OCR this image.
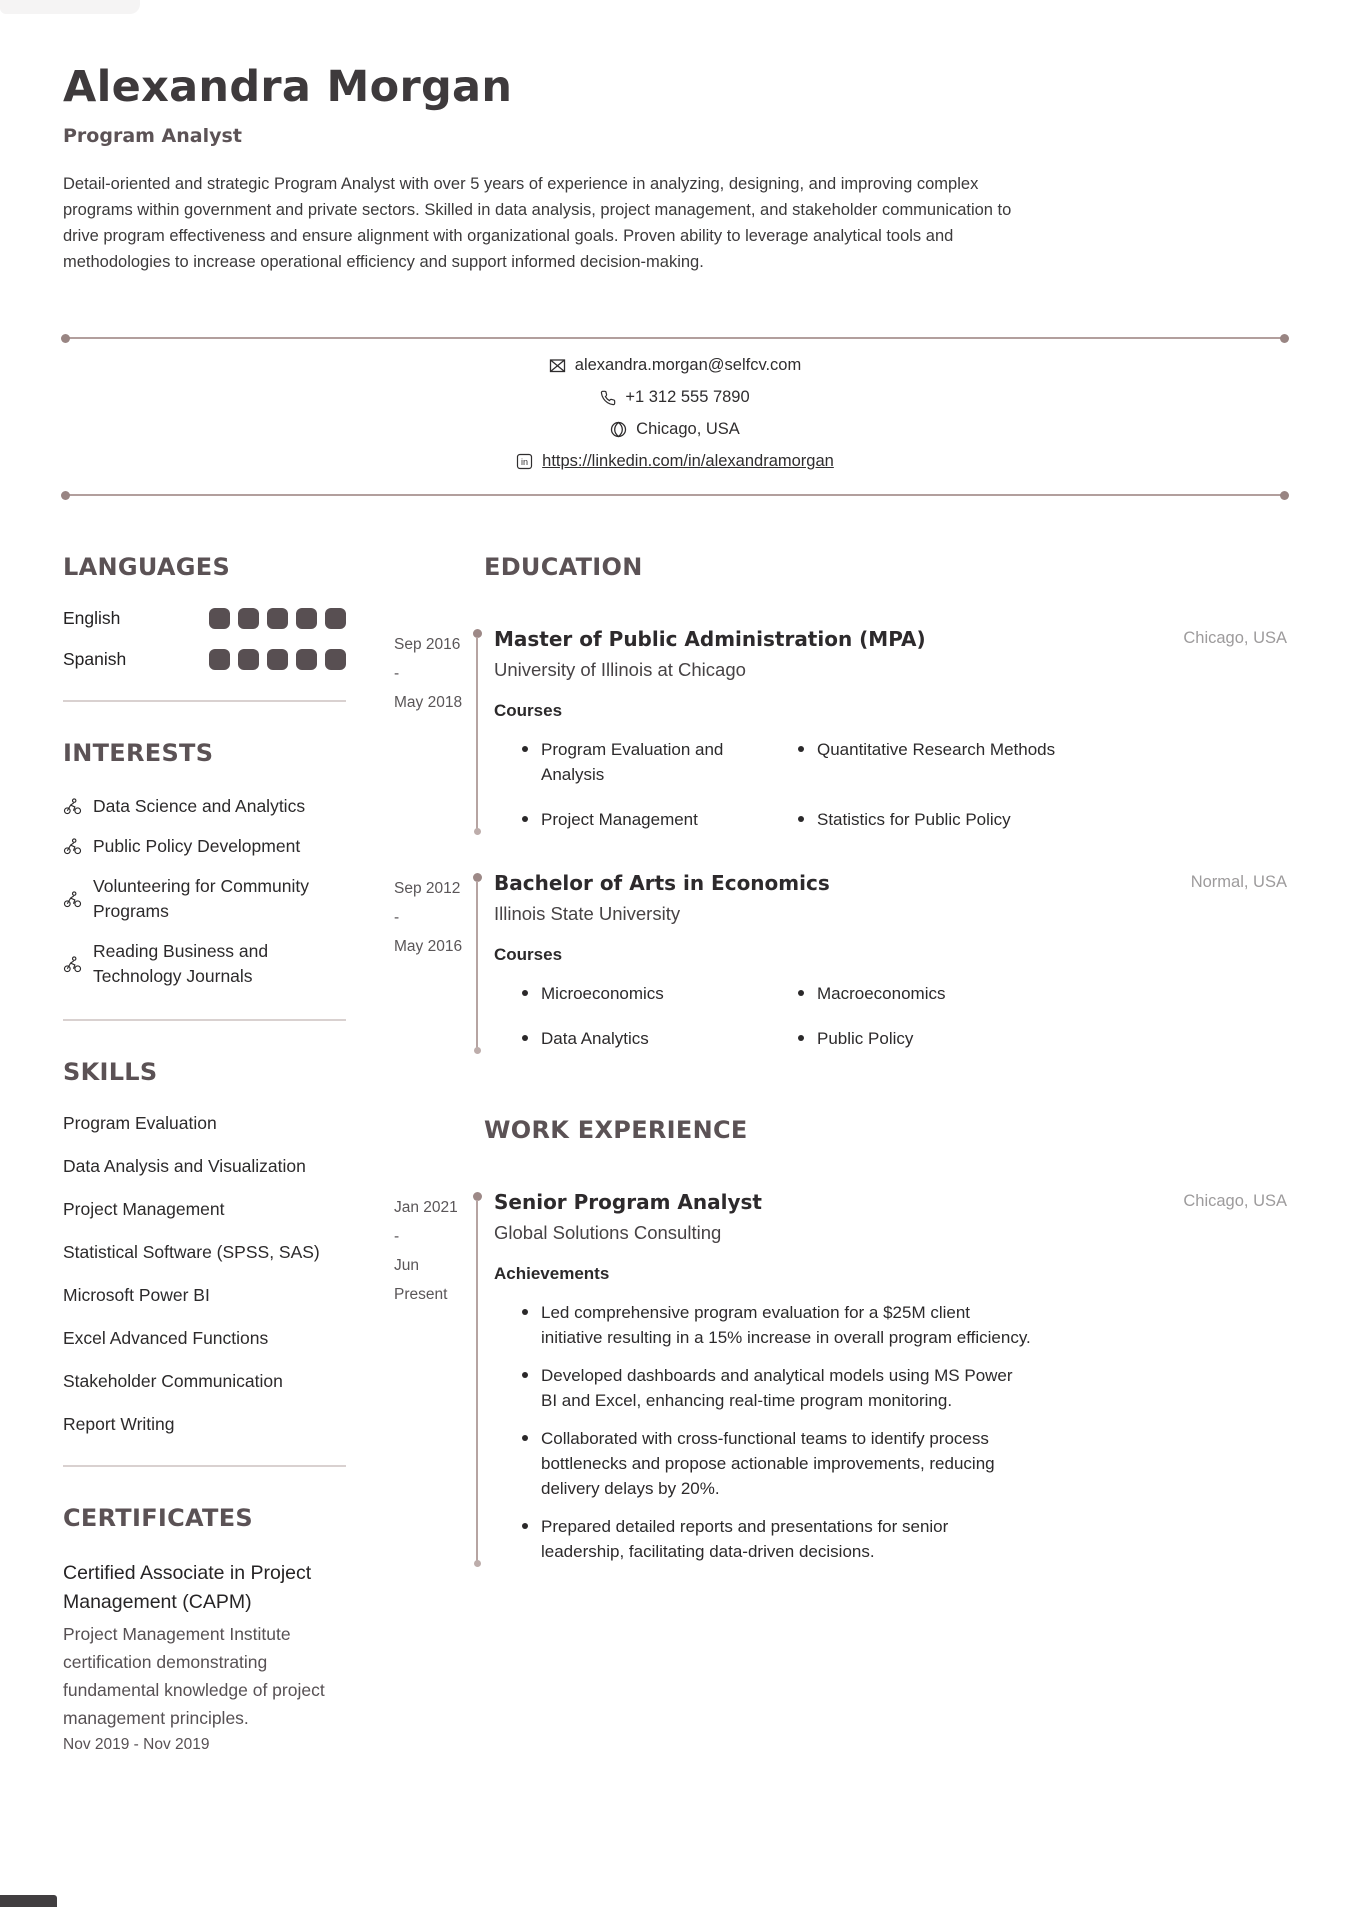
Alexandra Morgan
Program Analyst

Detail-oriented and strategic Program Analyst with over 5 years of experience in analyzing, designing, and improving complex programs within government and private sectors. Skilled in data analysis, project management, and stakeholder communication to drive program effectiveness and ensure alignment with organizational goals. Proven ability to leverage analytical tools and methodologies to increase operational efficiency and support informed decision-making.

alexandra.morgan@selfcv.com
+1 312 555 7890
Chicago, USA
in https://linkedin.com/in/alexandramorgan
LANGUAGES
English
Spanish
INTERESTS
Data Science and Analytics
Public Policy Development
Volunteering for Community Programs
Reading Business and Technology Journals
SKILLS
Program Evaluation
Data Analysis and Visualization
Project Management
Statistical Software (SPSS, SAS)
Microsoft Power BI
Excel Advanced Functions
Stakeholder Communication
Report Writing
CERTIFICATES
Certified Associate in Project Management (CAPM)
Project Management Institute certification demonstrating fundamental knowledge of project management principles.
Nov 2019 - Nov 2019
EDUCATION
Sep 2016
-
May 2018
Master of Public Administration (MPA)	Chicago, USA
University of Illinois at Chicago
Courses
Program Evaluation and Analysis
Quantitative Research Methods
Project Management	Statistics for Public Policy
Sep 2012
-
May 2016
Bachelor of Arts in Economics	Normal, USA
Illinois State University
Courses
Microeconomics	Macroeconomics
Data Analytics	Public Policy
WORK EXPERIENCE
Jan 2021
-
Jun
Present
Senior Program Analyst	Chicago, USA
Global Solutions Consulting
Achievements
Led comprehensive program evaluation for a $25M client initiative resulting in a 15% increase in overall program efficiency.
Developed dashboards and analytical models using MS Power BI and Excel, enhancing real-time program monitoring.
Collaborated with cross-functional teams to identify process bottlenecks and propose actionable improvements, reducing delivery delays by 20%.
Prepared detailed reports and presentations for senior leadership, facilitating data-driven decisions.
